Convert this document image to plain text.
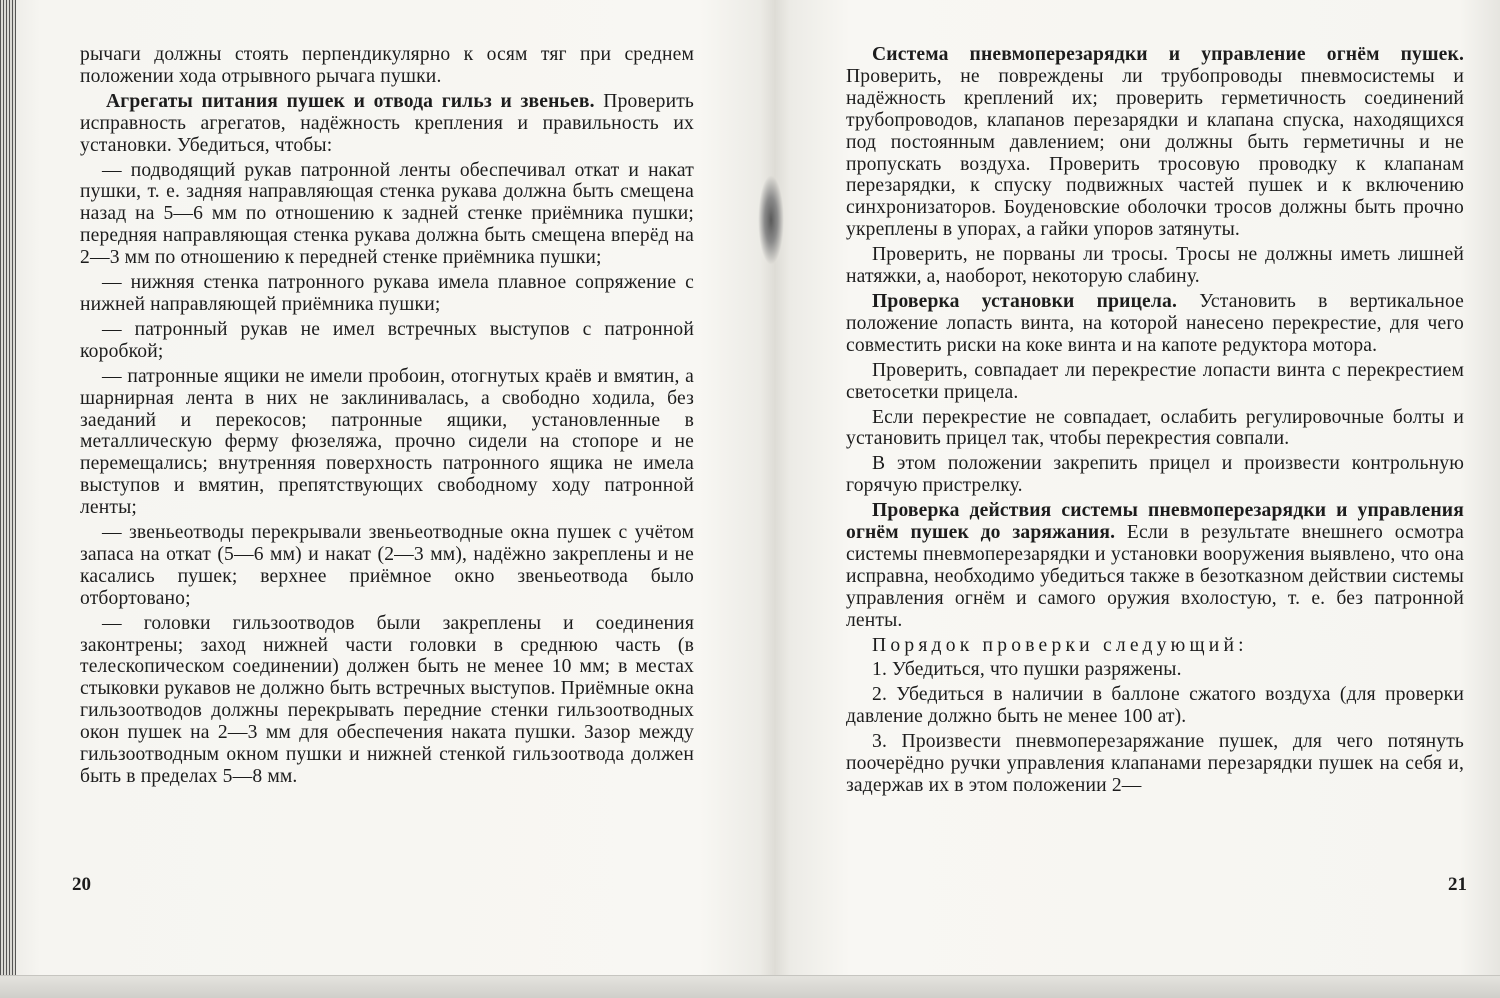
рычаги должны стоять перпендикулярно к осям тяг при среднем положении хода отрывного рычага пушки.

Агрегаты питания пушек и отвода гильз и звеньев. Проверить исправность агрегатов, надёжность крепления и правильность их установки. Убедиться, чтобы:

— подводящий рукав патронной ленты обеспечивал откат и накат пушки, т. е. задняя направляющая стенка рукава должна быть смещена назад на 5—6 мм по отношению к задней стенке приёмника пушки; передняя направляющая стенка рукава должна быть смещена вперёд на 2—3 мм по отношению к передней стенке приёмника пушки;

— нижняя стенка патронного рукава имела плавное сопряжение с нижней направляющей приёмника пушки;

— патронный рукав не имел встречных выступов с патронной коробкой;

— патронные ящики не имели пробоин, отогнутых краёв и вмятин, а шарнирная лента в них не заклинивалась, а свободно ходила, без заеданий и перекосов; патронные ящики, установленные в металлическую ферму фюзеляжа, прочно сидели на стопоре и не перемещались; внутренняя поверхность патронного ящика не имела выступов и вмятин, препятствующих свободному ходу патронной ленты;

— звеньеотводы перекрывали звеньеотводные окна пушек с учётом запаса на откат (5—6 мм) и накат (2—3 мм), надёжно закреплены и не касались пушек; верхнее приёмное окно звеньеотвода было отбортовано;

— головки гильзоотводов были закреплены и соединения законтрены; заход нижней части головки в среднюю часть (в телескопическом соединении) должен быть не менее 10 мм; в местах стыковки рукавов не должно быть встречных выступов. Приёмные окна гильзоотводов должны перекрывать передние стенки гильзоотводных окон пушек на 2—3 мм для обеспечения наката пушки. Зазор между гильзоотводным окном пушки и нижней стенкой гильзоотвода должен быть в пределах 5—8 мм.

Система пневмоперезарядки и управление огнём пушек. Проверить, не повреждены ли трубопроводы пневмосистемы и надёжность креплений их; проверить герметичность соединений трубопроводов, клапанов перезарядки и клапана спуска, находящихся под постоянным давлением; они должны быть герметичны и не пропускать воздуха. Проверить тросовую проводку к клапанам перезарядки, к спуску подвижных частей пушек и к включению синхронизаторов. Боуденовские оболочки тросов должны быть прочно укреплены в упорах, а гайки упоров затянуты.

Проверить, не порваны ли тросы. Тросы не должны иметь лишней натяжки, а, наоборот, некоторую слабину.

Проверка установки прицела. Установить в вертикальное положение лопасть винта, на которой нанесено перекрестие, для чего совместить риски на коке винта и на капоте редуктора мотора.

Проверить, совпадает ли перекрестие лопасти винта с перекрестием светосетки прицела.

Если перекрестие не совпадает, ослабить регулировочные болты и установить прицел так, чтобы перекрестия совпали.

В этом положении закрепить прицел и произвести контрольную горячую пристрелку.

Проверка действия системы пневмоперезарядки и управления огнём пушек до заряжания. Если в результате внешнего осмотра системы пневмоперезарядки и установки вооружения выявлено, что она исправна, необходимо убедиться также в безотказном действии системы управления огнём и самого оружия вхолостую, т. е. без патронной ленты.

Порядок проверки следующий:

1. Убедиться, что пушки разряжены.

2. Убедиться в наличии в баллоне сжатого воздуха (для проверки давление должно быть не менее 100 ат).

3. Произвести пневмоперезаряжание пушек, для чего потянуть поочерёдно ручки управления клапанами перезарядки пушек на себя и, задержав их в этом положении 2—

20	21
